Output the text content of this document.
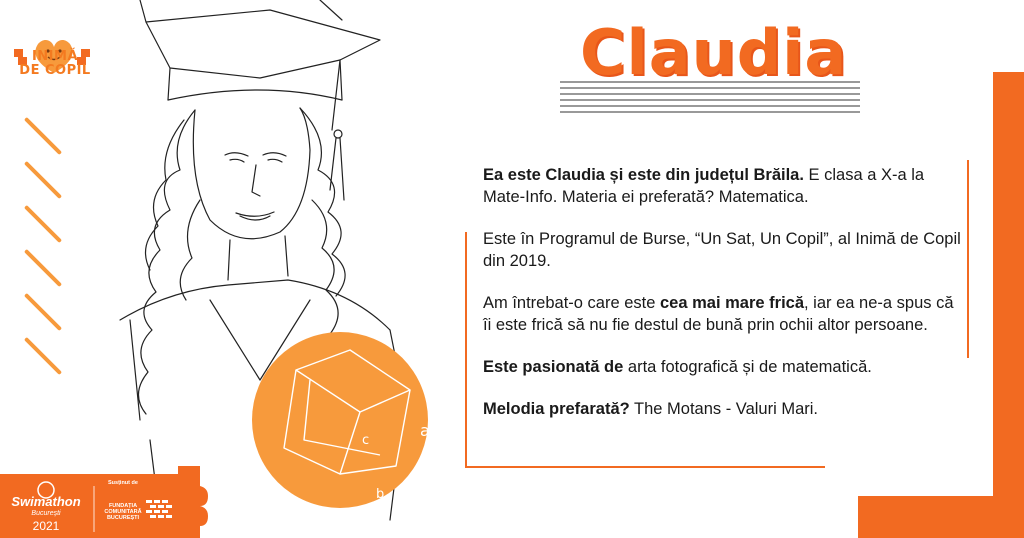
INIMĂ
DE COPIL
c
a
b
Claudia

Ea este Claudia și este din județul Brăila. E clasa a X-a la Mate-Info. Materia ei preferată? Matematica.

Este în Programul de Burse, “Un Sat, Un Copil”, al Inimă de Copil din 2019.

Am întrebat-o care este cea mai mare frică, iar ea ne-a spus că îi este frică să nu fie destul de bună prin ochii altor persoane.

Este pasionată de arta fotografică și de matematică.

Melodia prefarată? The Motans - Valuri Mari.

Swimathon
București
2021
Susținut de
FUNDAȚIA COMUNITARĂ BUCUREȘTI
